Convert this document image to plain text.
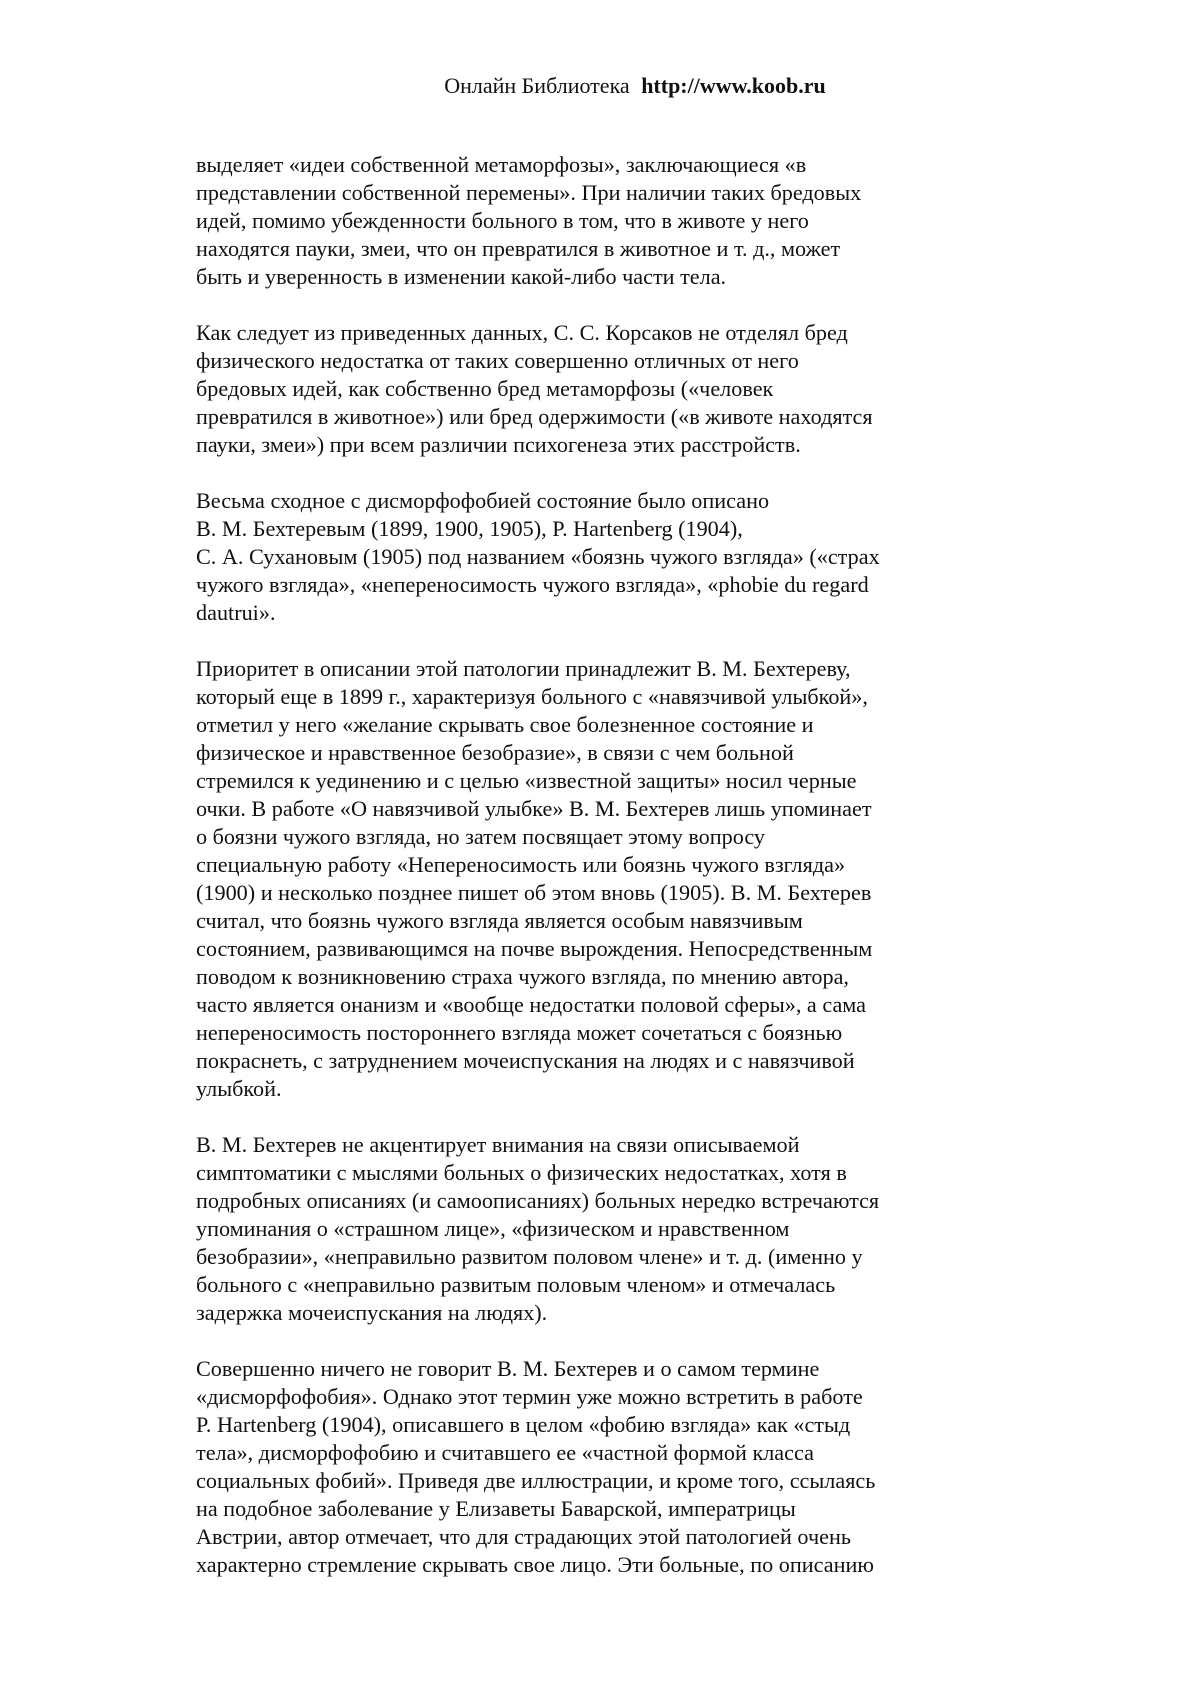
Онлайн Библиотека http://www.koob.ru
выделяет «идеи собственной метаморфозы», заключающиеся «в
представлении собственной перемены». При наличии таких бредовых
идей, помимо убежденности больного в том, что в животе у него
находятся пауки, змеи, что он превратился в животное и т. д., может
быть и уверенность в изменении какой-либо части тела.
Как следует из приведенных данных, С. С. Корсаков не отделял бред
физического недостатка от таких совершенно отличных от него
бредовых идей, как собственно бред метаморфозы («человек
превратился в животное») или бред одержимости («в животе находятся
пауки, змеи») при всем различии психогенеза этих расстройств.
Весьма сходное с дисморфофобией состояние было описано
В. М. Бехтеревым (1899, 1900, 1905), P. Hartenberg (1904),
С. А. Сухановым (1905) под названием «боязнь чужого взгляда» («страх
чужого взгляда», «непереносимость чужого взгляда», «phobie du regard
dautrui».
Приоритет в описании этой патологии принадлежит В. М. Бехтереву,
который еще в 1899 г., характеризуя больного с «навязчивой улыбкой»,
отметил у него «желание скрывать свое болезненное состояние и
физическое и нравственное безобразие», в связи с чем больной
стремился к уединению и с целью «известной защиты» носил черные
очки. В работе «О навязчивой улыбке» В. М. Бехтерев лишь упоминает
о боязни чужого взгляда, но затем посвящает этому вопросу
специальную работу «Непереносимость или боязнь чужого взгляда»
(1900) и несколько позднее пишет об этом вновь (1905). В. М. Бехтерев
считал, что боязнь чужого взгляда является особым навязчивым
состоянием, развивающимся на почве вырождения. Непосредственным
поводом к возникновению страха чужого взгляда, по мнению автора,
часто является онанизм и «вообще недостатки половой сферы», а сама
непереносимость постороннего взгляда может сочетаться с боязнью
покраснеть, с затруднением мочеиспускания на людях и с навязчивой
улыбкой.
В. М. Бехтерев не акцентирует внимания на связи описываемой
симптоматики с мыслями больных о физических недостатках, хотя в
подробных описаниях (и самоописаниях) больных нередко встречаются
упоминания о «страшном лице», «физическом и нравственном
безобразии», «неправильно развитом половом члене» и т. д. (именно у
больного с «неправильно развитым половым членом» и отмечалась
задержка мочеиспускания на людях).
Совершенно ничего не говорит В. М. Бехтерев и о самом термине
«дисморфофобия». Однако этот термин уже можно встретить в работе
P. Hartenberg (1904), описавшего в целом «фобию взгляда» как «стыд
тела», дисморфофобию и считавшего ее «частной формой класса
социальных фобий». Приведя две иллюстрации, и кроме того, ссылаясь
на подобное заболевание у Елизаветы Баварской, императрицы
Австрии, автор отмечает, что для страдающих этой патологией очень
характерно стремление скрывать свое лицо. Эти больные, по описанию
